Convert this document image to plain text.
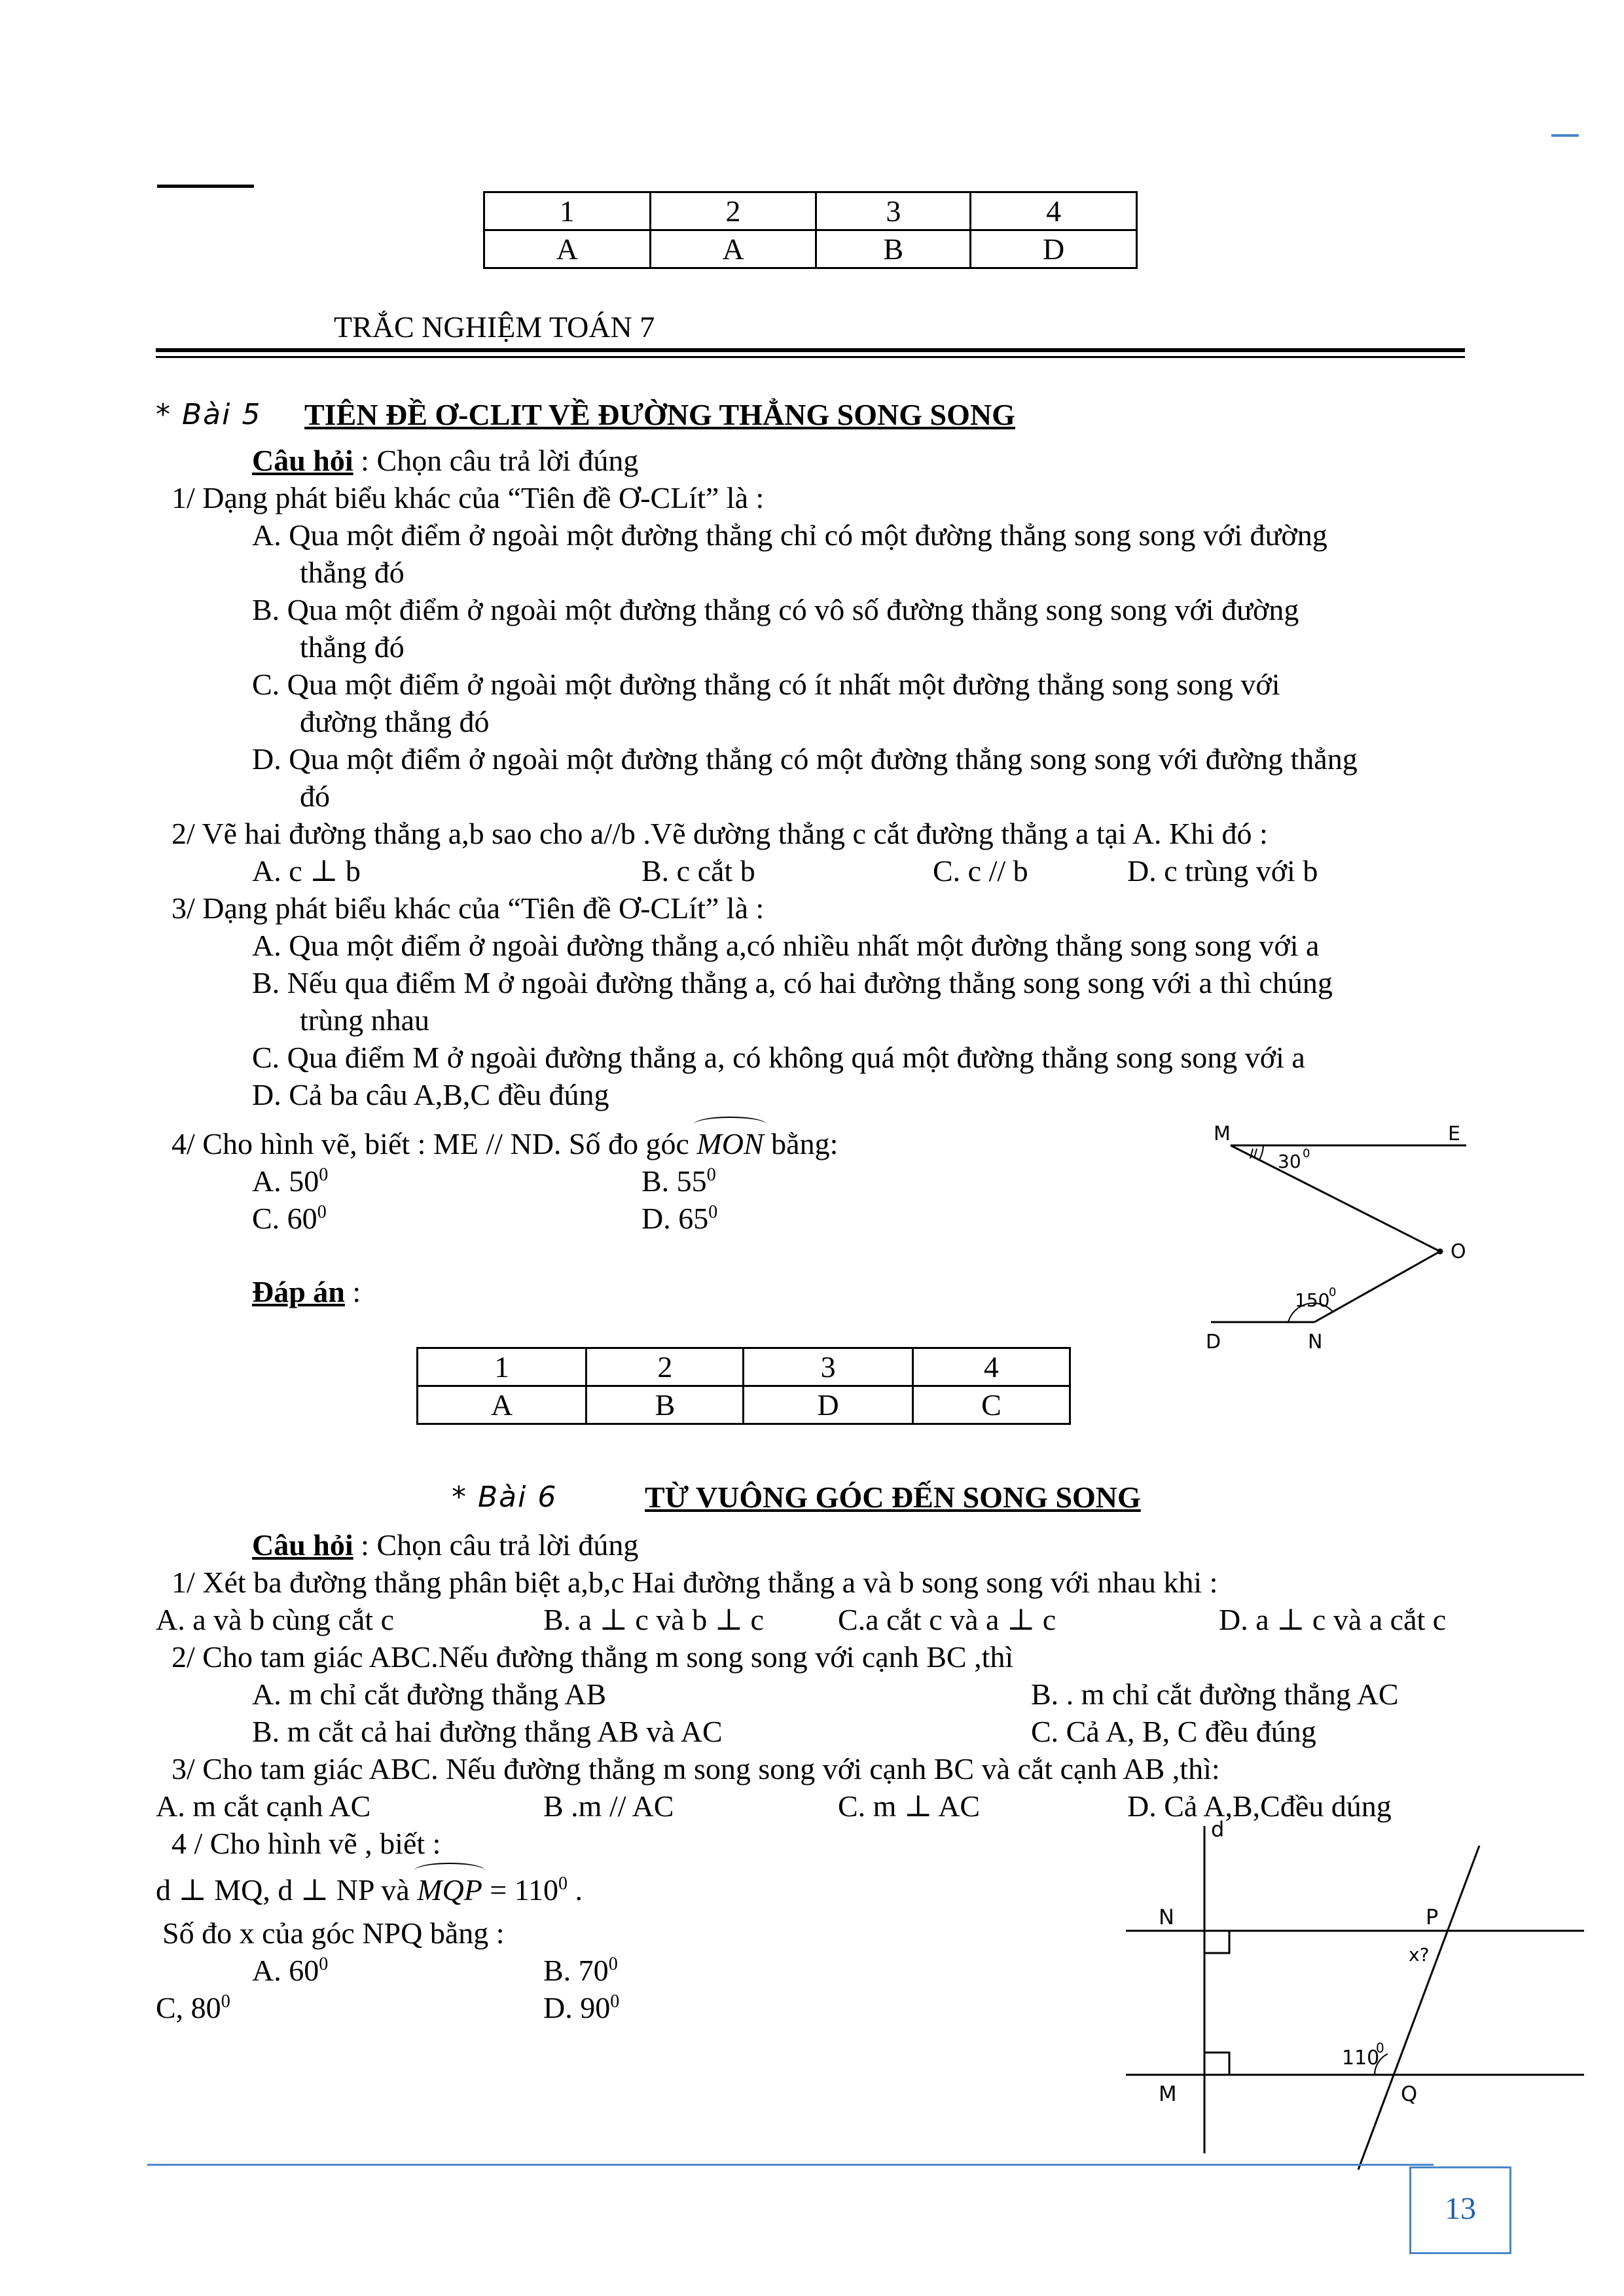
1	2	3	4
A	A	B	D
TRẮC NGHIỆM TOÁN 7
* Bài 5 TIÊN ĐỀ Ơ-CLIT VỀ ĐƯỜNG THẲNG SONG SONG
Câu hỏi : Chọn câu trả lời đúng
1/ Dạng phát biểu khác của “Tiên đề Ơ-CLít” là :
A. Qua một điểm ở ngoài một đường thẳng chỉ có một đường thẳng song song với đường
thẳng đó
B. Qua một điểm ở ngoài một đường thẳng có vô số đường thẳng song song với đường
thẳng đó
C. Qua một điểm ở ngoài một đường thẳng có ít nhất một đường thẳng song song với
đường thẳng đó
D. Qua một điểm ở ngoài một đường thẳng có một đường thẳng song song với đường thẳng
đó
2/ Vẽ hai đường thẳng a,b sao cho a//b .Vẽ dường thẳng c cắt đường thẳng a tại A. Khi đó :
A. c ⊥ b	B. c cắt b	C. c // b	D. c trùng với b
3/ Dạng phát biểu khác của “Tiên đề Ơ-CLít” là :
A. Qua một điểm ở ngoài đường thẳng a,có nhiều nhất một đường thẳng song song với a
B. Nếu qua điểm M ở ngoài đường thẳng a, có hai đường thẳng song song với a thì chúng
trùng nhau
C. Qua điểm M ở ngoài đường thẳng a, có không quá một đường thẳng song song với a
D. Cả ba câu A,B,C đều đúng
4/ Cho hình vẽ, biết : ME // ND. Số đo góc MON bằng:
A. $50^0$	B. $55^0$
C. $60^0$	D. $65^0$
Đáp án :
1	2	3	4
A	B	D	C
M	E
O
D	N
30 0
150
0
* Bài 6	TỪ VUÔNG GÓC ĐẾN SONG SONG
Câu hỏi : Chọn câu trả lời đúng
1/ Xét ba đường thẳng phân biệt a,b,c Hai đường thẳng a và b song song với nhau khi :
A. a và b cùng cắt c	B. a ⊥ c và b ⊥ c C.a cắt c và a ⊥ c	D. a ⊥ c và a cắt c
2/ Cho tam giác ABC.Nếu đường thẳng m song song với cạnh BC ,thì
A. m chỉ cắt đường thẳng AB	B. . m chỉ cắt đường thẳng AC
B. m cắt cả hai đường thẳng AB và AC	C. Cả A, B, C đều đúng
3/ Cho tam giác ABC. Nếu đường thẳng m song song với cạnh BC và cắt cạnh AB ,thì:
A. m cắt cạnh AC	B .m // AC	C. m ⊥ AC	D. Cả A,B,Cđều dúng
4 / Cho hình vẽ , biết :
d ⊥ MQ, d ⊥ NP và MQP = $110^0$ .
Số đo x của góc NPQ bằng :
A. $60^0$	B. $70^0$
C, $80^0$	D. $90^0$
d
N	P
x?
M	Q
110
0
13
